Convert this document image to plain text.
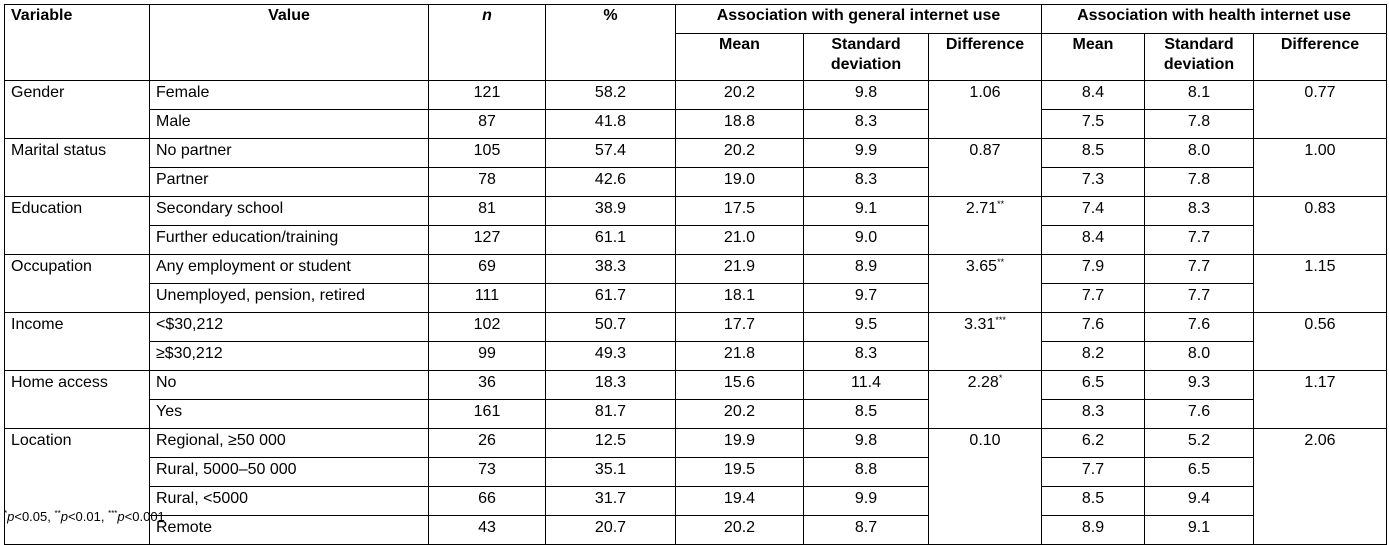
Variable	Value	n	%	Association with general internet use			Association with health internet use		
				Mean	Standard deviation	Difference	Mean	Standard deviation	Difference
Gender	Female	121	58.2	20.2	9.8	1.06	8.4	8.1	0.77
	Male	87	41.8	18.8	8.3		7.5	7.8	
Marital status	No partner	105	57.4	20.2	9.9	0.87	8.5	8.0	1.00
	Partner	78	42.6	19.0	8.3		7.3	7.8	
Education	Secondary school	81	38.9	17.5	9.1	2.71**	7.4	8.3	0.83
	Further education/training	127	61.1	21.0	9.0		8.4	7.7	
Occupation	Any employment or student	69	38.3	21.9	8.9	3.65**	7.9	7.7	1.15
	Unemployed, pension, retired	111	61.7	18.1	9.7		7.7	7.7	
Income	<$30,212	102	50.7	17.7	9.5	3.31***	7.6	7.6	0.56
	≥$30,212	99	49.3	21.8	8.3		8.2	8.0	
Home access	No	36	18.3	15.6	11.4	2.28*	6.5	9.3	1.17
	Yes	161	81.7	20.2	8.5		8.3	7.6	
Location	Regional, ≥50 000	26	12.5	19.9	9.8	0.10	6.2	5.2	2.06
	Rural, 5000–50 000	73	35.1	19.5	8.8		7.7	6.5	
	Rural, <5000	66	31.7	19.4	9.9		8.5	9.4	
	Remote	43	20.7	20.2	8.7		8.9	9.1	
*p<0.05, **p<0.01, ***p<0.001
